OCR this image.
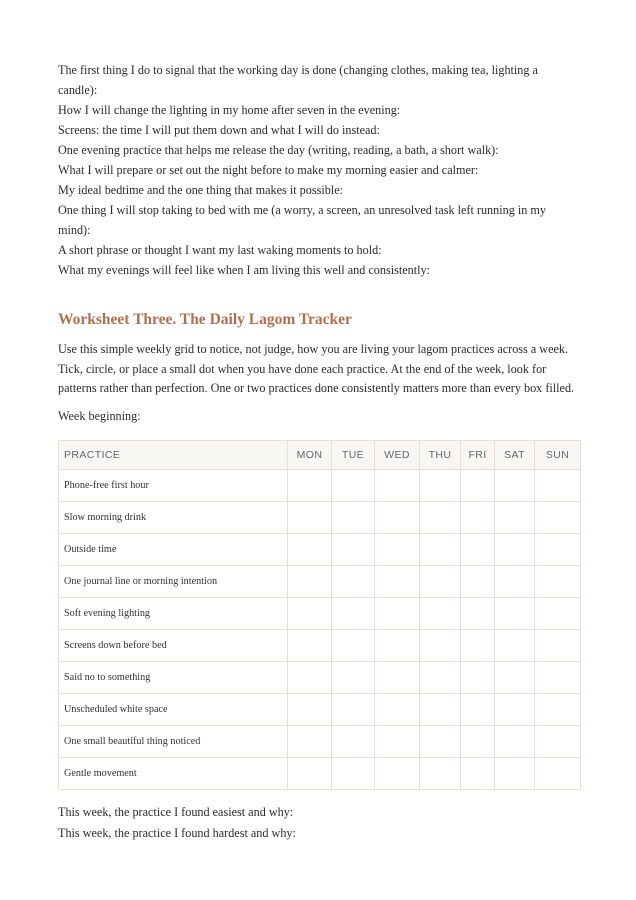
The first thing I do to signal that the working day is done (changing clothes, making tea, lighting a candle):

How I will change the lighting in my home after seven in the evening:

Screens: the time I will put them down and what I will do instead:

One evening practice that helps me release the day (writing, reading, a bath, a short walk):

What I will prepare or set out the night before to make my morning easier and calmer:

My ideal bedtime and the one thing that makes it possible:

One thing I will stop taking to bed with me (a worry, a screen, an unresolved task left running in my mind):

A short phrase or thought I want my last waking moments to hold:

What my evenings will feel like when I am living this well and consistently:

Worksheet Three. The Daily Lagom Tracker

Use this simple weekly grid to notice, not judge, how you are living your lagom practices across a week. Tick, circle, or place a small dot when you have done each practice. At the end of the week, look for patterns rather than perfection. One or two practices done consistently matters more than every box filled.

Week beginning:

PRACTICE	MON	TUE	WED	THU	FRI	SAT	SUN
Phone-free first hour							
Slow morning drink							
Outside time							
One journal line or morning intention							
Soft evening lighting							
Screens down before bed							
Said no to something							
Unscheduled white space							
One small beautiful thing noticed							
Gentle movement							

This week, the practice I found easiest and why:

This week, the practice I found hardest and why:
